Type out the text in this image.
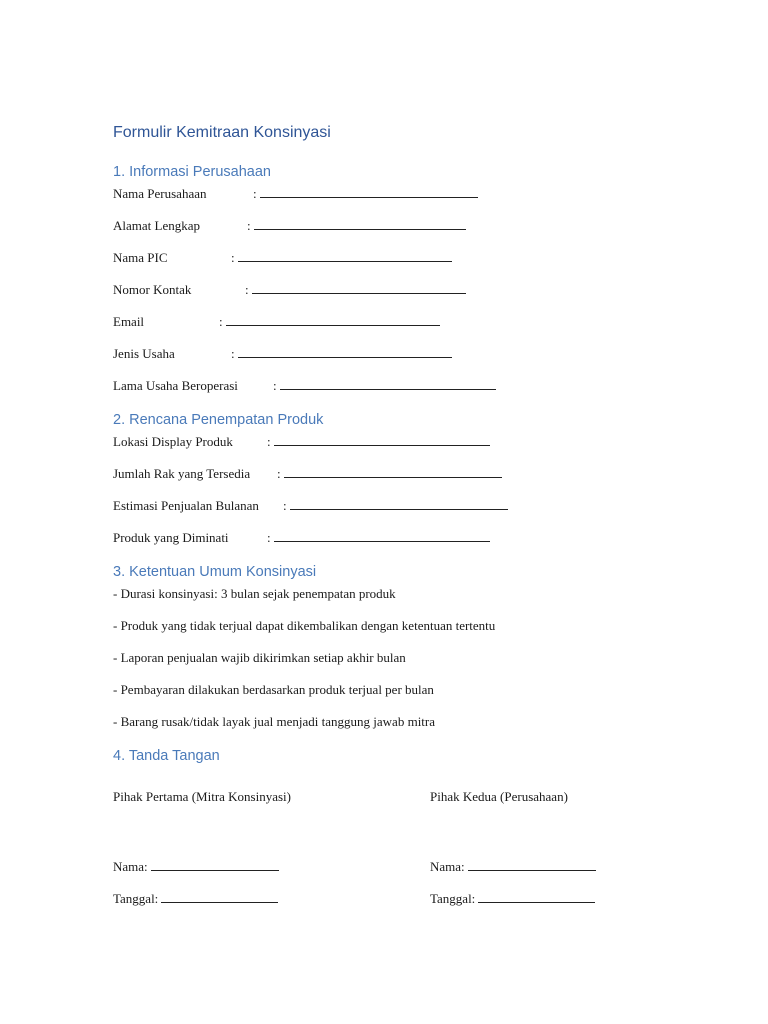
Formulir Kemitraan Konsinyasi
1. Informasi Perusahaan
Nama Perusahaan	:
Alamat Lengkap	:
Nama PIC	:
Nomor Kontak	:
Email	:
Jenis Usaha	:
Lama Usaha Beroperasi	:
2. Rencana Penempatan Produk
Lokasi Display Produk	:
Jumlah Rak yang Tersedia :
Estimasi Penjualan Bulanan :
Produk yang Diminati	:
3. Ketentuan Umum Konsinyasi
- Durasi konsinyasi: 3 bulan sejak penempatan produk
- Produk yang tidak terjual dapat dikembalikan dengan ketentuan tertentu
- Laporan penjualan wajib dikirimkan setiap akhir bulan
- Pembayaran dilakukan berdasarkan produk terjual per bulan
- Barang rusak/tidak layak jual menjadi tanggung jawab mitra
4. Tanda Tangan
Pihak Pertama (Mitra Konsinyasi)	Pihak Kedua (Perusahaan)
Nama:	Nama:
Tanggal:	Tanggal:
